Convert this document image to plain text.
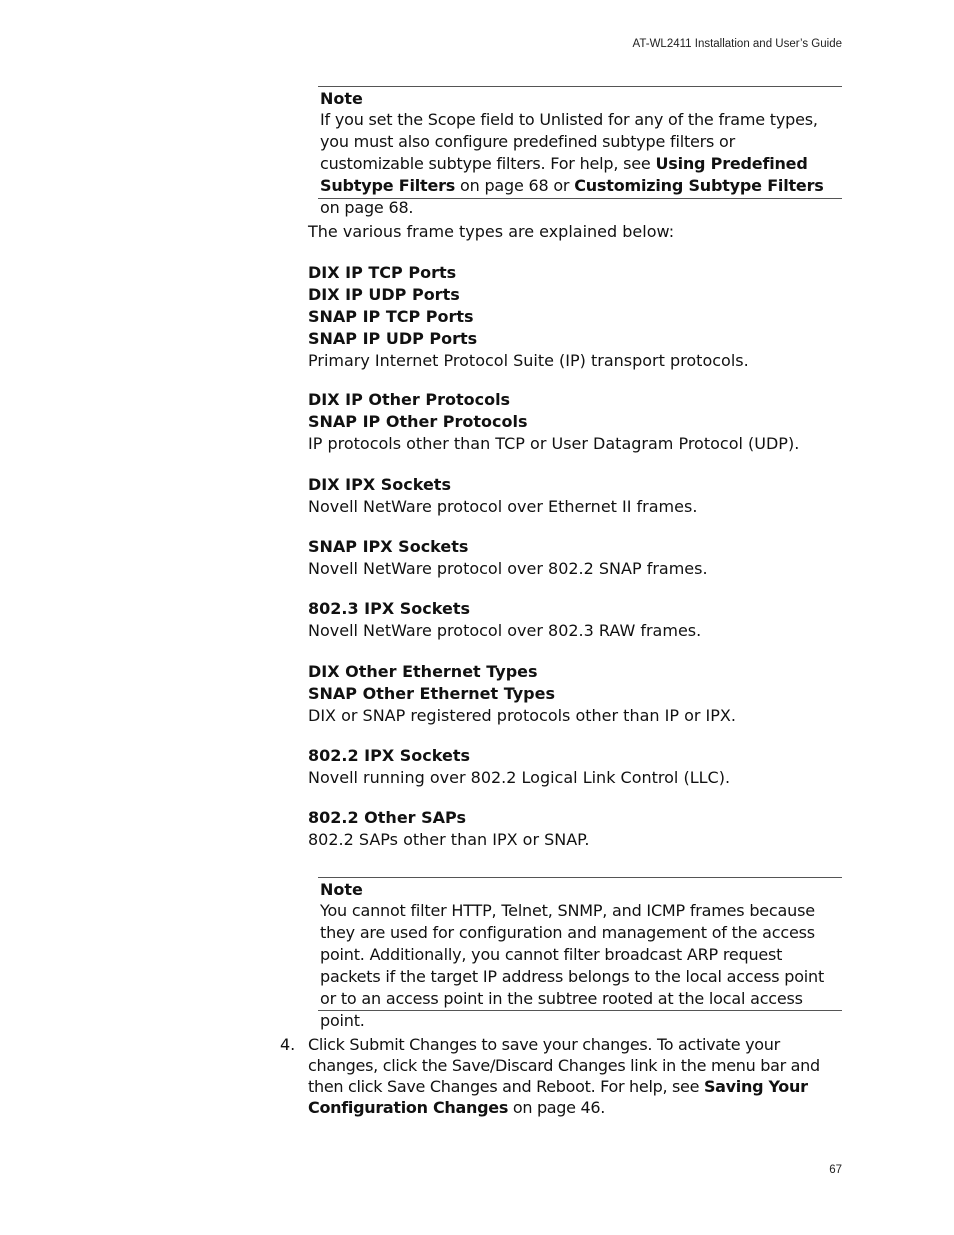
AT-WL2411 Installation and User’s Guide
Note
If you set the Scope field to Unlisted for any of the frame types, you must also configure predefined subtype filters or customizable subtype filters. For help, see Using Predefined Subtype Filters on page 68 or Customizing Subtype Filters on page 68.
The various frame types are explained below:
DIX IP TCP Ports
DIX IP UDP Ports
SNAP IP TCP Ports
SNAP IP UDP Ports
Primary Internet Protocol Suite (IP) transport protocols.
DIX IP Other Protocols
SNAP IP Other Protocols
IP protocols other than TCP or User Datagram Protocol (UDP).
DIX IPX Sockets
Novell NetWare protocol over Ethernet II frames.
SNAP IPX Sockets
Novell NetWare protocol over 802.2 SNAP frames.
802.3 IPX Sockets
Novell NetWare protocol over 802.3 RAW frames.
DIX Other Ethernet Types
SNAP Other Ethernet Types
DIX or SNAP registered protocols other than IP or IPX.
802.2 IPX Sockets
Novell running over 802.2 Logical Link Control (LLC).
802.2 Other SAPs
802.2 SAPs other than IPX or SNAP.
Note
You cannot filter HTTP, Telnet, SNMP, and ICMP frames because they are used for configuration and management of the access point. Additionally, you cannot filter broadcast ARP request packets if the target IP address belongs to the local access point or to an access point in the subtree rooted at the local access point.
4. Click Submit Changes to save your changes. To activate your changes, click the Save/Discard Changes link in the menu bar and then click Save Changes and Reboot. For help, see Saving Your Configuration Changes on page 46.
67
